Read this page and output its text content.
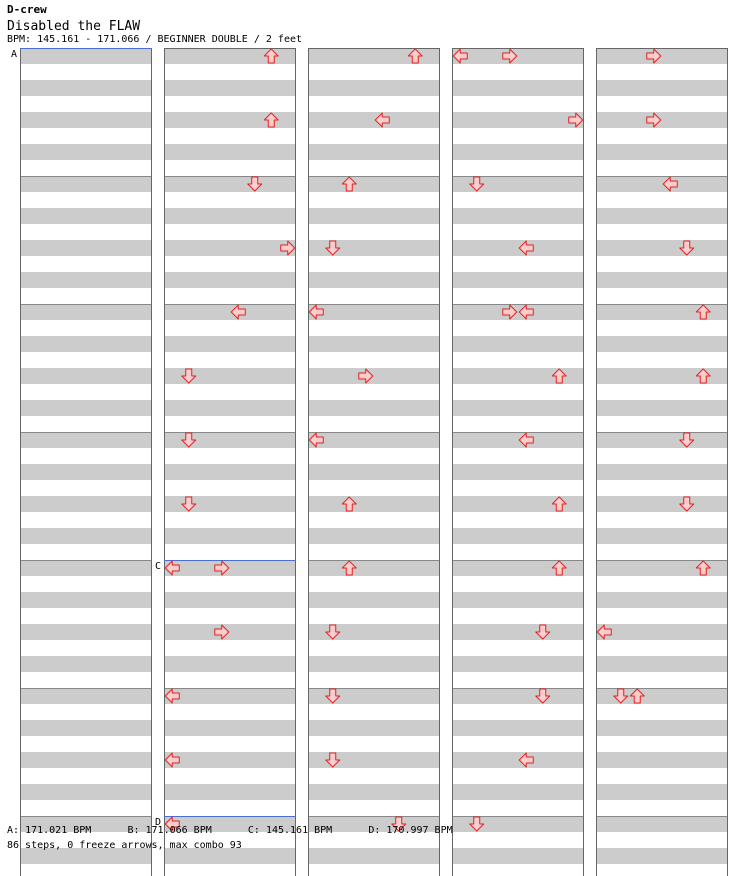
D-crew
Disabled the FLAW
BPM: 145.161 - 171.066 / BEGINNER DOUBLE / 2 feet
A
C
D
A: 171.021 BPM	B: 171.066 BPM	C: 145.161 BPM	D: 170.997 BPM
86 steps, 0 freeze arrows, max combo 93
